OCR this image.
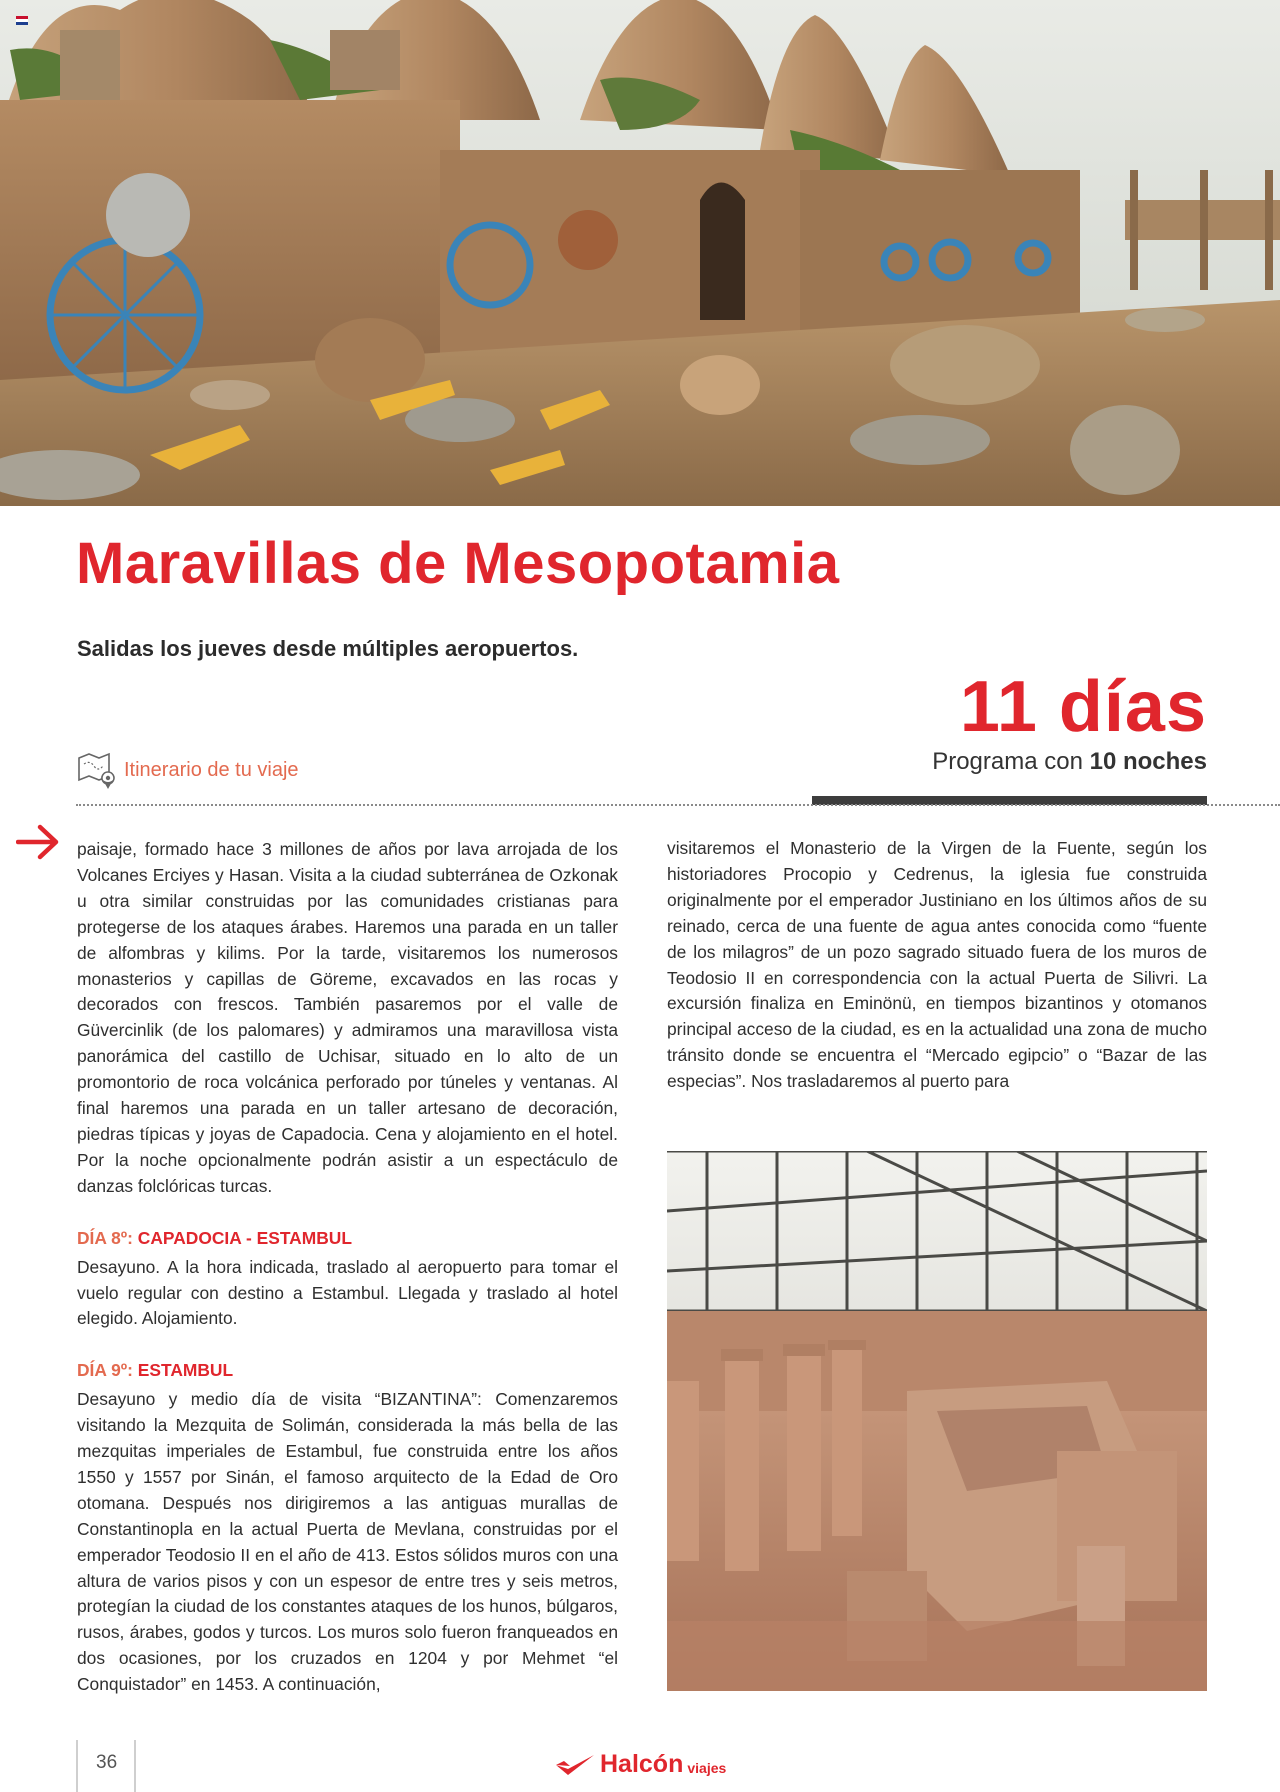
Maravillas de Mesopotamia

Salidas los jueves desde múltiples aeropuertos.

11 días

Programa con 10 noches
Itinerario de tu viaje

paisaje, formado hace 3 millones de años por lava arrojada de los Volcanes Erciyes y Hasan. Visita a la ciudad subterránea de Ozkonak u otra similar construidas por las comunidades cristianas para protegerse de los ataques árabes. Haremos una parada en un taller de alfombras y kilims. Por la tarde, visitaremos los numerosos monasterios y capillas de Göreme, excavados en las rocas y decorados con frescos. También pasaremos por el valle de Güvercinlik (de los palomares) y admiramos una maravillosa vista panorámica del castillo de Uchisar, situado en lo alto de un promontorio de roca volcánica perforado por túneles y ventanas. Al final haremos una parada en un taller artesano de decoración, piedras típicas y joyas de Capadocia. Cena y alojamiento en el hotel. Por la noche opcionalmente podrán asistir a un espectáculo de danzas folclóricas turcas.

DÍA 8º: CAPADOCIA - ESTAMBUL

Desayuno. A la hora indicada, traslado al aeropuerto para tomar el vuelo regular con destino a Estambul. Llegada y traslado al hotel elegido. Alojamiento.

DÍA 9º: ESTAMBUL

Desayuno y medio día de visita “BIZANTINA”: Comenzaremos visitando la Mezquita de Solimán, considerada la más bella de las mezquitas imperiales de Estambul, fue construida entre los años 1550 y 1557 por Sinán, el famoso arquitecto de la Edad de Oro otomana. Después nos dirigiremos a las antiguas murallas de Constantinopla en la actual Puerta de Mevlana, construidas por el emperador Teodosio II en el año de 413. Estos sólidos muros con una altura de varios pisos y con un espesor de entre tres y seis metros, protegían la ciudad de los constantes ataques de los hunos, búlgaros, rusos, árabes, godos y turcos. Los muros solo fueron franqueados en dos ocasiones, por los cruzados en 1204 y por Mehmet “el Conquistador” en 1453. A continuación,

visitaremos el Monasterio de la Virgen de la Fuente, según los historiadores Procopio y Cedrenus, la iglesia fue construida originalmente por el emperador Justiniano en los últimos años de su reinado, cerca de una fuente de agua antes conocida como “fuente de los milagros” de un pozo sagrado situado fuera de los muros de Teodosio II en correspondencia con la actual Puerta de Silivri. La excursión finaliza en Eminönü, en tiempos bizantinos y otomanos principal acceso de la ciudad, es en la actualidad una zona de mucho tránsito donde se encuentra el “Mercado egipcio” o “Bazar de las especias”. Nos trasladaremos al puerto para

36	Halcón viajes
